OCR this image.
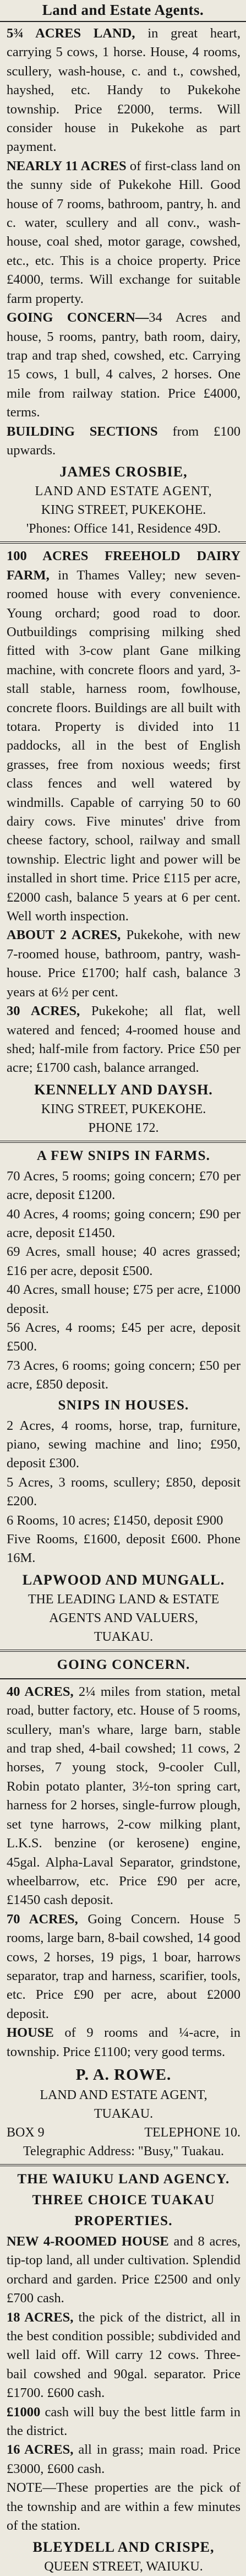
Land and Estate Agents.

5¾ ACRES LAND, in great heart, carrying 5 cows, 1 horse. House, 4 rooms, scullery, wash-house, c. and t., cowshed, hayshed, etc. Handy to Pukekohe township. Price £2000, terms. Will consider house in Pukekohe as part payment.

NEARLY 11 ACRES of first-class land on the sunny side of Pukekohe Hill. Good house of 7 rooms, bathroom, pantry, h. and c. water, scullery and all conv., wash-house, coal shed, motor garage, cowshed, etc., etc. This is a choice property. Price £4000, terms. Will exchange for suitable farm property.

GOING CONCERN—34 Acres and house, 5 rooms, pantry, bath room, dairy, trap and trap shed, cowshed, etc. Carrying 15 cows, 1 bull, 4 calves, 2 horses. One mile from railway station. Price £4000, terms.

BUILDING SECTIONS from £100 upwards.

JAMES CROSBIE,
LAND AND ESTATE AGENT,
KING STREET, PUKEKOHE.
'Phones: Office 141, Residence 49D.

100 ACRES FREEHOLD DAIRY FARM, in Thames Valley; new seven-roomed house with every convenience. Young orchard; good road to door. Outbuildings comprising milking shed fitted with 3-cow plant Gane milking machine, with concrete floors and yard, 3-stall stable, harness room, fowlhouse, concrete floors. Buildings are all built with totara. Property is divided into 11 paddocks, all in the best of English grasses, free from noxious weeds; first class fences and well watered by windmills. Capable of carrying 50 to 60 dairy cows. Five minutes' drive from cheese factory, school, railway and small township. Electric light and power will be installed in short time. Price £115 per acre, £2000 cash, balance 5 years at 6 per cent. Well worth inspection.

ABOUT 2 ACRES, Pukekohe, with new 7-roomed house, bathroom, pantry, wash-house. Price £1700; half cash, balance 3 years at 6½ per cent.

30 ACRES, Pukekohe; all flat, well watered and fenced; 4-roomed house and shed; half-mile from factory. Price £50 per acre; £1700 cash, balance arranged.

KENNELLY AND DAYSH.
KING STREET, PUKEKOHE.
PHONE 172.
A FEW SNIPS IN FARMS.

70 Acres, 5 rooms; going concern; £70 per acre, deposit £1200.

40 Acres, 4 rooms; going concern; £90 per acre, deposit £1450.

69 Acres, small house; 40 acres grassed; £16 per acre, deposit £500.

40 Acres, small house; £75 per acre, £1000 deposit.

56 Acres, 4 rooms; £45 per acre, deposit £500.

73 Acres, 6 rooms; going concern; £50 per acre, £850 deposit.

SNIPS IN HOUSES.

2 Acres, 4 rooms, horse, trap, furniture, piano, sewing machine and lino; £950, deposit £300.

5 Acres, 3 rooms, scullery; £850, deposit £200.

6 Rooms, 10 acres; £1450, deposit £900

Five Rooms, £1600, deposit £600. Phone 16M.

LAPWOOD AND MUNGALL.
THE LEADING LAND & ESTATE
AGENTS AND VALUERS,
TUAKAU.
GOING CONCERN.

40 ACRES, 2¼ miles from station, metal road, butter factory, etc. House of 5 rooms, scullery, man's whare, large barn, stable and trap shed, 4-bail cowshed; 11 cows, 2 horses, 7 young stock, 9-cooler Cull, Robin potato planter, 3½-ton spring cart, harness for 2 horses, single-furrow plough, set tyne harrows, 2-cow milking plant, L.K.S. benzine (or kerosene) engine, 45gal. Alpha-Laval Separator, grindstone, wheelbarrow, etc. Price £90 per acre, £1450 cash deposit.

70 ACRES, Going Concern. House 5 rooms, large barn, 8-bail cowshed, 14 good cows, 2 horses, 19 pigs, 1 boar, harrows separator, trap and harness, scarifier, tools, etc. Price £90 per acre, about £2000 deposit.

HOUSE of 9 rooms and ¼-acre, in township. Price £1100; very good terms.

P. A. ROWE.
LAND AND ESTATE AGENT,
TUAKAU.
BOX 9	TELEPHONE 10.
Telegraphic Address: "Busy," Tuakau.
THE WAIUKU LAND AGENCY.
THREE CHOICE TUAKAU
PROPERTIES.

NEW 4-ROOMED HOUSE and 8 acres, tip-top land, all under cultivation. Splendid orchard and garden. Price £2500 and only £700 cash.

18 ACRES, the pick of the district, all in the best condition possible; subdivided and well laid off. Will carry 12 cows. Three-bail cowshed and 90gal. separator. Price £1700. £600 cash.

£1000 cash will buy the best little farm in the district.

16 ACRES, all in grass; main road. Price £3000, £600 cash.

NOTE—These properties are the pick of the township and are within a few minutes of the station.

BLEYDELL AND CRISPE,
QUEEN STREET, WAIUKU.
